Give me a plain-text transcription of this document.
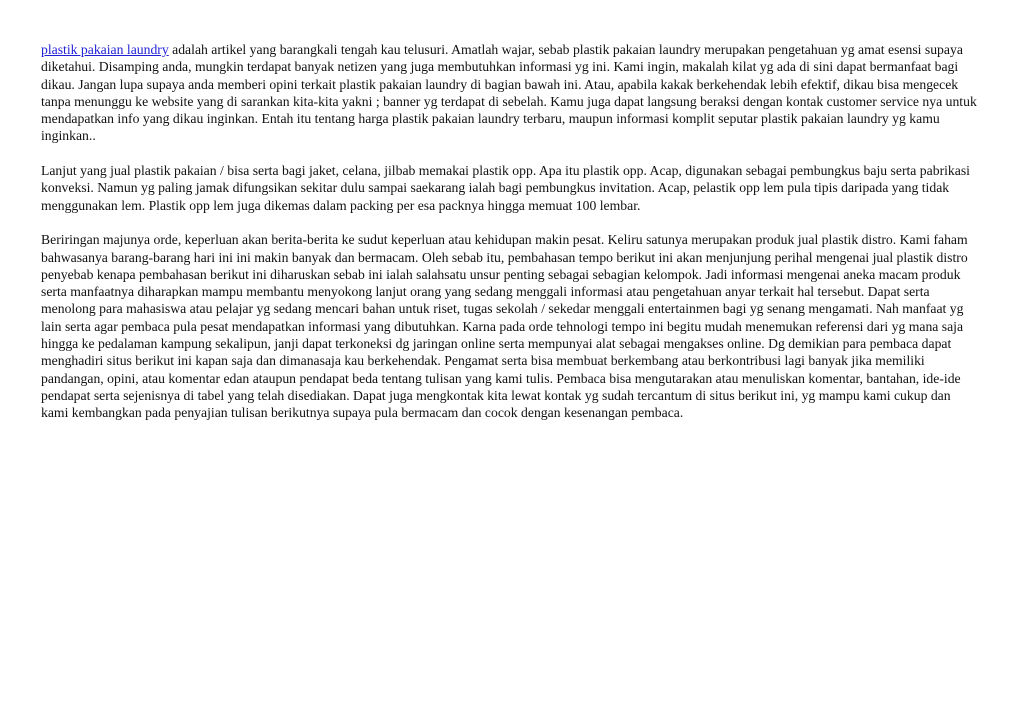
plastik pakaian laundry adalah artikel yang barangkali tengah kau telusuri. Amatlah wajar, sebab plastik pakaian laundry merupakan pengetahuan yg amat esensi supaya diketahui. Disamping anda, mungkin terdapat banyak netizen yang juga membutuhkan informasi yg ini. Kami ingin, makalah kilat yg ada di sini dapat bermanfaat bagi dikau. Jangan lupa supaya anda memberi opini terkait plastik pakaian laundry di bagian bawah ini. Atau, apabila kakak berkehendak lebih efektif, dikau bisa mengecek tanpa menunggu ke website yang di sarankan kita-kita yakni ; banner yg terdapat di sebelah. Kamu juga dapat langsung beraksi dengan kontak customer service nya untuk mendapatkan info yang dikau inginkan. Entah itu tentang harga plastik pakaian laundry terbaru, maupun informasi komplit seputar plastik pakaian laundry yg kamu inginkan..

Lanjut yang jual plastik pakaian / bisa serta bagi jaket, celana, jilbab memakai plastik opp. Apa itu plastik opp. Acap, digunakan sebagai pembungkus baju serta pabrikasi konveksi. Namun yg paling jamak difungsikan sekitar dulu sampai saekarang ialah bagi pembungkus invitation. Acap, pelastik opp lem pula tipis daripada yang tidak menggunakan lem. Plastik opp lem juga dikemas dalam packing per esa packnya hingga memuat 100 lembar.

Beriringan majunya orde, keperluan akan berita-berita ke sudut keperluan atau kehidupan makin pesat. Keliru satunya merupakan produk jual plastik distro. Kami faham bahwasanya barang-barang hari ini ini makin banyak dan bermacam. Oleh sebab itu, pembahasan tempo berikut ini akan menjunjung perihal mengenai jual plastik distro penyebab kenapa pembahasan berikut ini diharuskan sebab ini ialah salahsatu unsur penting sebagai sebagian kelompok. Jadi informasi mengenai aneka macam produk serta manfaatnya diharapkan mampu membantu menyokong lanjut orang yang sedang menggali informasi atau pengetahuan anyar terkait hal tersebut. Dapat serta menolong para mahasiswa atau pelajar yg sedang mencari bahan untuk riset, tugas sekolah / sekedar menggali entertainmen bagi yg senang mengamati. Nah manfaat yg lain serta agar pembaca pula pesat mendapatkan informasi yang dibutuhkan. Karna pada orde tehnologi tempo ini begitu mudah menemukan referensi dari yg mana saja hingga ke pedalaman kampung sekalipun, janji dapat terkoneksi dg jaringan online serta mempunyai alat sebagai mengakses online. Dg demikian para pembaca dapat menghadiri situs berikut ini kapan saja dan dimanasaja kau berkehendak. Pengamat serta bisa membuat berkembang atau berkontribusi lagi banyak jika memiliki pandangan, opini, atau komentar edan ataupun pendapat beda tentang tulisan yang kami tulis. Pembaca bisa mengutarakan atau menuliskan komentar, bantahan, ide-ide pendapat serta sejenisnya di tabel yang telah disediakan. Dapat juga mengkontak kita lewat kontak yg sudah tercantum di situs berikut ini, yg mampu kami cukup dan kami kembangkan pada penyajian tulisan berikutnya supaya pula bermacam dan cocok dengan kesenangan pembaca.
